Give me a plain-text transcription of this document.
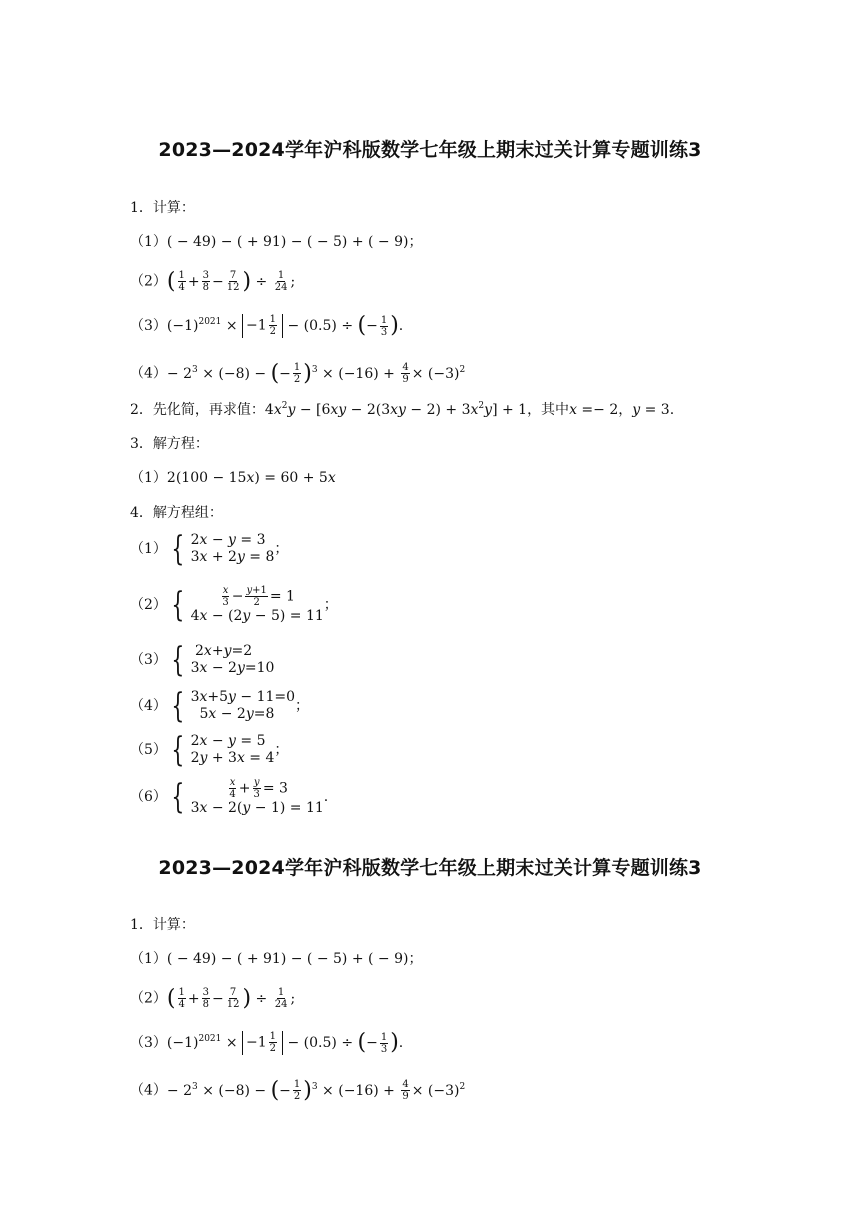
2023—2024学年沪科版数学七年级上期末过关计算专题训练3
1．计算：
（1）( − 49) − ( + 91) − ( − 5) + ( − 9)；
$(2)( \frac{1}{4} + \frac{3}{8} - \frac{7}{12}$ ) ÷ $\frac{1}{24}$ ;
$(3)(-1)^{2021} \times -1 \frac{1}{2} - (0.5)$ ÷ (− $\frac{1}{3}$ ).
$(4)- 2^3 \times (-8)$ − (− $\frac{1}{2} )^3 \times (-16) + \frac{4}{9} \times (-3)^2$
2．先化简，再求值：$4x^2y - [6xy - 2(3xy - 2) + 3x^2y] + 1$，其中x =− 2，y = 3.
3．解方程：
（1）2(100 − 15x) = 60 + 5x
4．解方程组：
（1） { 2x − y = 3
3x + 2y = 8 ；
（2） {	$\frac{x}{3} - \frac{y+1}{2} = 1$
4x − (2y − 5) = 11
；
（3） { 2x+y=2
3x − 2y=10
（4） { 3x+5y − 11=0
5x − 2y=8	；
（5） { 2x − y = 5
2y + 3x = 4 ；
（6） {	$\frac{x}{4} + \frac{y}{3} = 3$
3x − 2(y − 1) = 11
.
2023—2024学年沪科版数学七年级上期末过关计算专题训练3
1．计算：
（1）( − 49) − ( + 91) − ( − 5) + ( − 9)；
$(2)( \frac{1}{4} + \frac{3}{8} - \frac{7}{12}$ ) ÷ $\frac{1}{24}$ ;
$(3)(-1)^{2021} \times -1 \frac{1}{2} - (0.5)$ ÷ (− $\frac{1}{3}$ ).
$(4)- 2^3 \times (-8)$ − (− $\frac{1}{2} )^3 \times (-16) + \frac{4}{9} \times (-3)^2$
